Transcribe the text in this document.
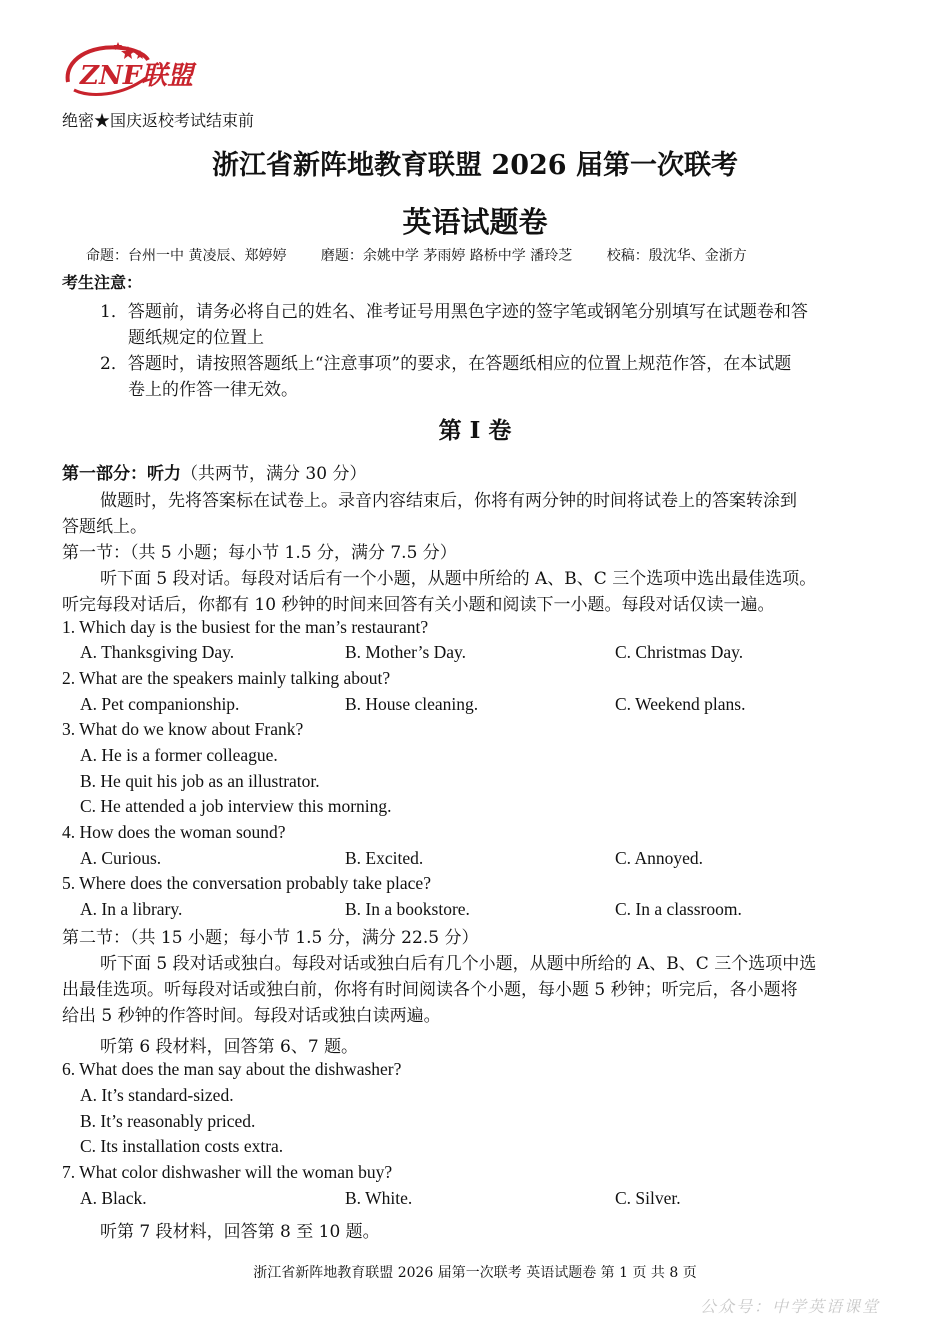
ZNF联盟
绝密★国庆返校考试结束前
浙江省新阵地教育联盟 2026 届第一次联考
英语试题卷
命题：台州一中 黄凌辰、郑婷婷 磨题：余姚中学 茅雨婷 路桥中学 潘玲芝 校稿：殷沈华、金浙方
考生注意：
1．答题前，请务必将自己的姓名、准考证号用黑色字迹的签字笔或钢笔分别填写在试题卷和答
题纸规定的位置上
2．答题时，请按照答题纸上“注意事项”的要求，在答题纸相应的位置上规范作答，在本试题
卷上的作答一律无效。
第 I 卷
第一部分：听力（共两节，满分 30 分）
做题时，先将答案标在试卷上。录音内容结束后，你将有两分钟的时间将试卷上的答案转涂到
答题纸上。
第一节：（共 5 小题；每小节 1.5 分，满分 7.5 分）
听下面 5 段对话。每段对话后有一个小题，从题中所给的 A、B、C 三个选项中选出最佳选项。
听完每段对话后，你都有 10 秒钟的时间来回答有关小题和阅读下一小题。每段对话仅读一遍。
1. Which day is the busiest for the man’s restaurant?
A. Thanksgiving Day.	B. Mother’s Day.	C. Christmas Day.
2. What are the speakers mainly talking about?
A. Pet companionship.	B. House cleaning.	C. Weekend plans.
3. What do we know about Frank?
A. He is a former colleague.
B. He quit his job as an illustrator.
C. He attended a job interview this morning.
4. How does the woman sound?
A. Curious.	B. Excited.	C. Annoyed.
5. Where does the conversation probably take place?
A. In a library.	B. In a bookstore.	C. In a classroom.
第二节：（共 15 小题；每小节 1.5 分，满分 22.5 分）
听下面 5 段对话或独白。每段对话或独白后有几个小题，从题中所给的 A、B、C 三个选项中选
出最佳选项。听每段对话或独白前，你将有时间阅读各个小题，每小题 5 秒钟；听完后，各小题将
给出 5 秒钟的作答时间。每段对话或独白读两遍。
听第 6 段材料，回答第 6、7 题。
6. What does the man say about the dishwasher?
A. It’s standard-sized.
B. It’s reasonably priced.
C. Its installation costs extra.
7. What color dishwasher will the woman buy?
A. Black.	B. White.	C. Silver.
听第 7 段材料，回答第 8 至 10 题。
浙江省新阵地教育联盟 2026 届第一次联考 英语试题卷 第 1 页 共 8 页
公众号：中学英语课堂
